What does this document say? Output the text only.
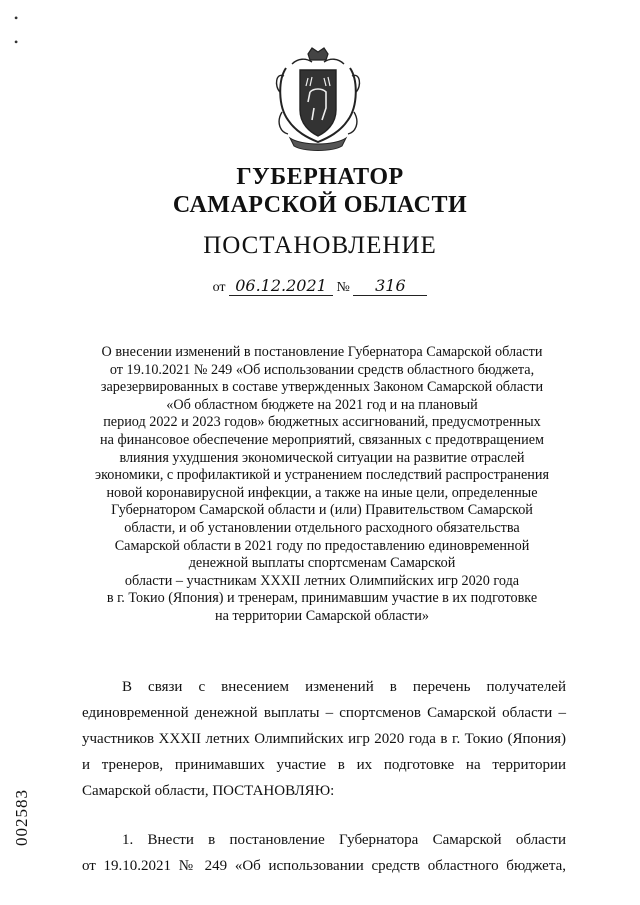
•

•
ГУБЕРНАТОР
САМАРСКОЙ ОБЛАСТИ
ПОСТАНОВЛЕНИЕ
от 06.12.2021 № 316
О внесении изменений в постановление Губернатора Самарской области
от 19.10.2021 № 249 «Об использовании средств областного бюджета,
зарезервированных в составе утвержденных Законом Самарской области
«Об областном бюджете на 2021 год и на плановый
период 2022 и 2023 годов» бюджетных ассигнований, предусмотренных
на финансовое обеспечение мероприятий, связанных с предотвращением
влияния ухудшения экономической ситуации на развитие отраслей
экономики, с профилактикой и устранением последствий распространения
новой коронавирусной инфекции, а также на иные цели, определенные
Губернатором Самарской области и (или) Правительством Самарской
области, и об установлении отдельного расходного обязательства
Самарской области в 2021 году по предоставлению единовременной
денежной выплаты спортсменам Самарской
области – участникам XXXII летних Олимпийских игр 2020 года
в г. Токио (Япония) и тренерам, принимавшим участие в их подготовке
на территории Самарской области»
В связи с внесением изменений в перечень получателей
единовременной денежной выплаты – спортсменов Самарской области –
участников XXXII летних Олимпийских игр 2020 года в г. Токио (Япония)
и тренеров, принимавших участие в их подготовке на территории
Самарской области, ПОСТАНОВЛЯЮ:
1. Внести в постановление Губернатора Самарской области
от 19.10.2021 № 249 «Об использовании средств областного бюджета,
002583
